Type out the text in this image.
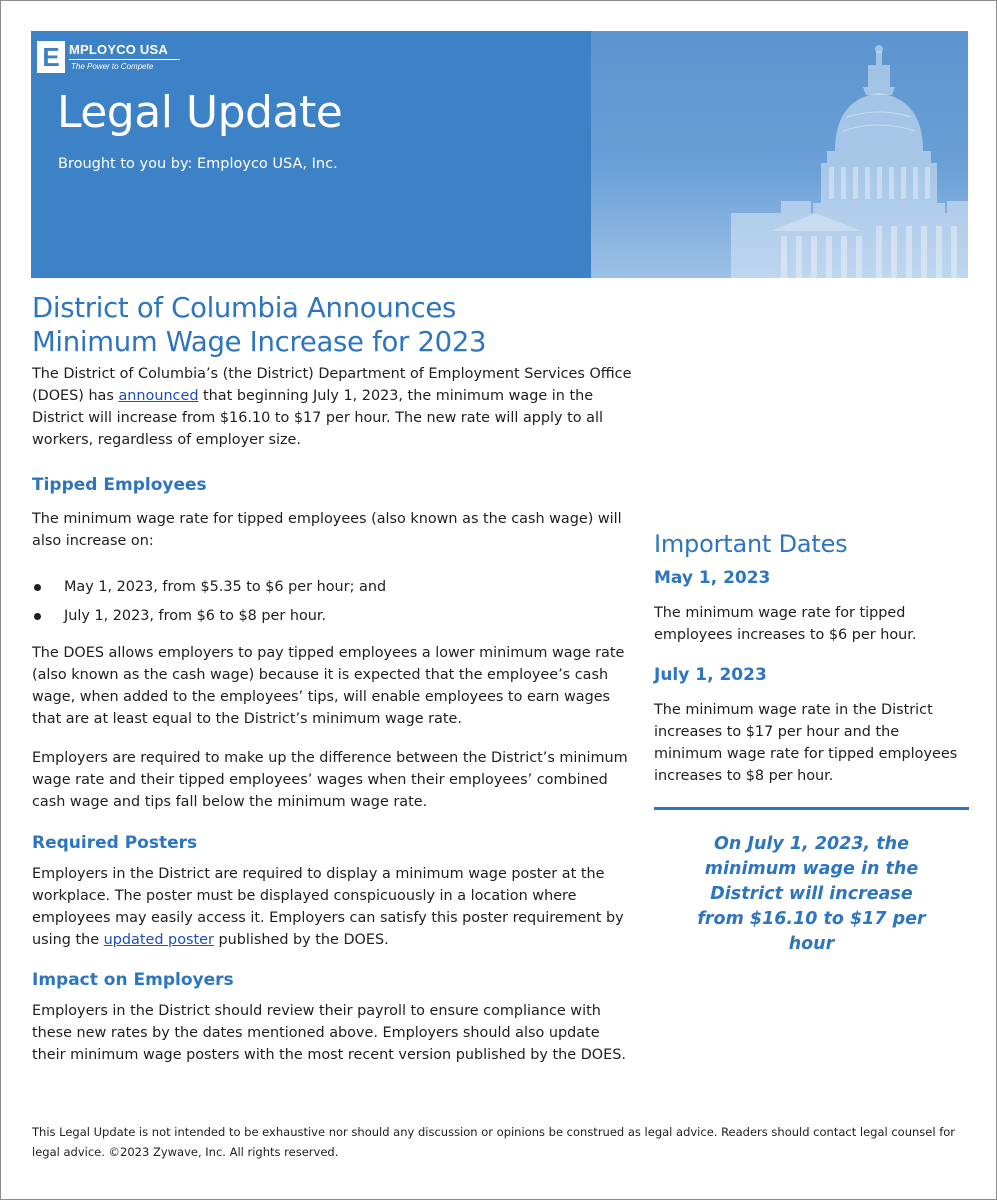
E MPLOYCO USA
The Power to Compete
Legal Update
Brought to you by: Employco USA, Inc.
District of Columbia Announces
Minimum Wage Increase for 2023

The District of Columbia’s (the District) Department of Employment Services Office (DOES) has announced that beginning July 1, 2023, the minimum wage in the District will increase from $16.10 to $17 per hour. The new rate will apply to all workers, regardless of employer size.

Tipped Employees

The minimum wage rate for tipped employees (also known as the cash wage) will also increase on:

May 1, 2023, from $5.35 to $6 per hour; and
July 1, 2023, from $6 to $8 per hour.

The DOES allows employers to pay tipped employees a lower minimum wage rate (also known as the cash wage) because it is expected that the employee’s cash wage, when added to the employees’ tips, will enable employees to earn wages that are at least equal to the District’s minimum wage rate.

Employers are required to make up the difference between the District’s minimum wage rate and their tipped employees’ wages when their employees’ combined cash wage and tips fall below the minimum wage rate.

Required Posters

Employers in the District are required to display a minimum wage poster at the workplace. The poster must be displayed conspicuously in a location where employees may easily access it. Employers can satisfy this poster requirement by using the updated poster published by the DOES.

Impact on Employers

Employers in the District should review their payroll to ensure compliance with these new rates by the dates mentioned above. Employers should also update their minimum wage posters with the most recent version published by the DOES.

Important Dates
May 1, 2023

The minimum wage rate for tipped employees increases to $6 per hour.

July 1, 2023

The minimum wage rate in the District increases to $17 per hour and the minimum wage rate for tipped employees increases to $8 per hour.

On July 1, 2023, the minimum wage in the District will increase from $16.10 to $17 per hour
This Legal Update is not intended to be exhaustive nor should any discussion or opinions be construed as legal advice. Readers should contact legal counsel for legal advice. ©2023 Zywave, Inc. All rights reserved.
